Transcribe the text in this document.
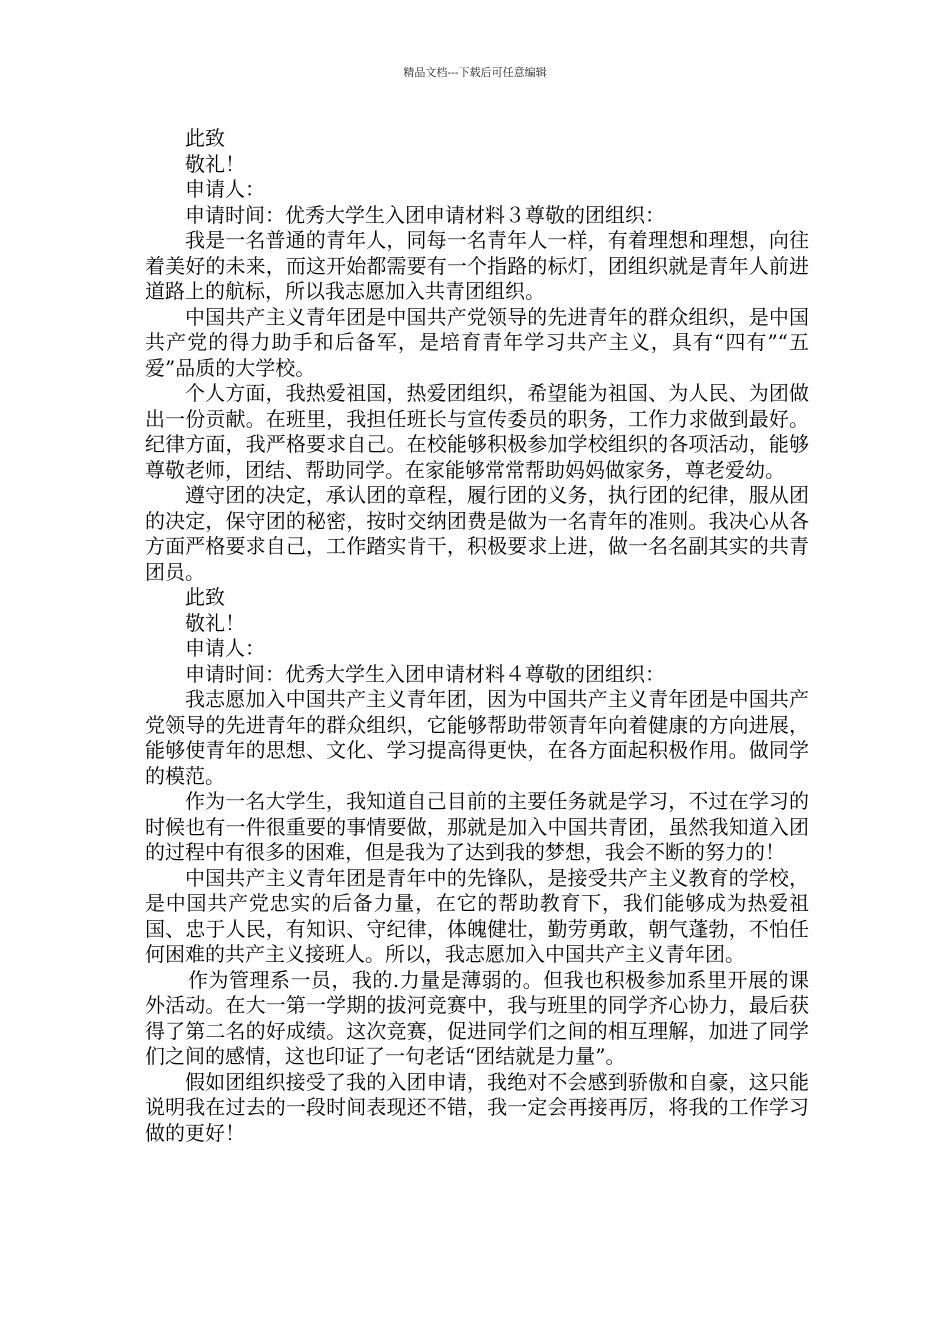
精品文档---下载后可任意编辑

此致

敬礼！

申请人：

申请时间：优秀大学生入团申请材料３尊敬的团组织：

我是一名普通的青年人，同每一名青年人一样，有着理想和理想，向往着美好的未来，而这开始都需要有一个指路的标灯，团组织就是青年人前进道路上的航标，所以我志愿加入共青团组织。

中国共产主义青年团是中国共产党领导的先进青年的群众组织，是中国共产党的得力助手和后备军，是培育青年学习共产主义，具有“四有”“五爱”品质的大学校。

个人方面，我热爱祖国，热爱团组织，希望能为祖国、为人民、为团做出一份贡献。在班里，我担任班长与宣传委员的职务，工作力求做到最好。纪律方面，我严格要求自己。在校能够积极参加学校组织的各项活动，能够尊敬老师，团结、帮助同学。在家能够常常帮助妈妈做家务，尊老爱幼。

遵守团的决定，承认团的章程，履行团的义务，执行团的纪律，服从团的决定，保守团的秘密，按时交纳团费是做为一名青年的准则。我决心从各方面严格要求自己，工作踏实肯干，积极要求上进，做一名名副其实的共青团员。

此致

敬礼！

申请人：

申请时间：优秀大学生入团申请材料４尊敬的团组织：

我志愿加入中国共产主义青年团，因为中国共产主义青年团是中国共产党领导的先进青年的群众组织，它能够帮助带领青年向着健康的方向进展，能够使青年的思想、文化、学习提高得更快，在各方面起积极作用。做同学的模范。

作为一名大学生，我知道自己目前的主要任务就是学习，不过在学习的时候也有一件很重要的事情要做，那就是加入中国共青团，虽然我知道入团的过程中有很多的困难，但是我为了达到我的梦想，我会不断的努力的！

中国共产主义青年团是青年中的先锋队，是接受共产主义教育的学校，是中国共产党忠实的后备力量，在它的帮助教育下，我们能够成为热爱祖国、忠于人民，有知识、守纪律，体魄健壮，勤劳勇敢，朝气蓬勃，不怕任何困难的共产主义接班人。所以，我志愿加入中国共产主义青年团。

作为管理系一员，我的.力量是薄弱的。但我也积极参加系里开展的课外活动。在大一第一学期的拔河竞赛中，我与班里的同学齐心协力，最后获得了第二名的好成绩。这次竞赛，促进同学们之间的相互理解，加进了同学们之间的感情，这也印证了一句老话“团结就是力量”。

假如团组织接受了我的入团申请，我绝对不会感到骄傲和自豪，这只能说明我在过去的一段时间表现还不错，我一定会再接再厉，将我的工作学习做的更好！
